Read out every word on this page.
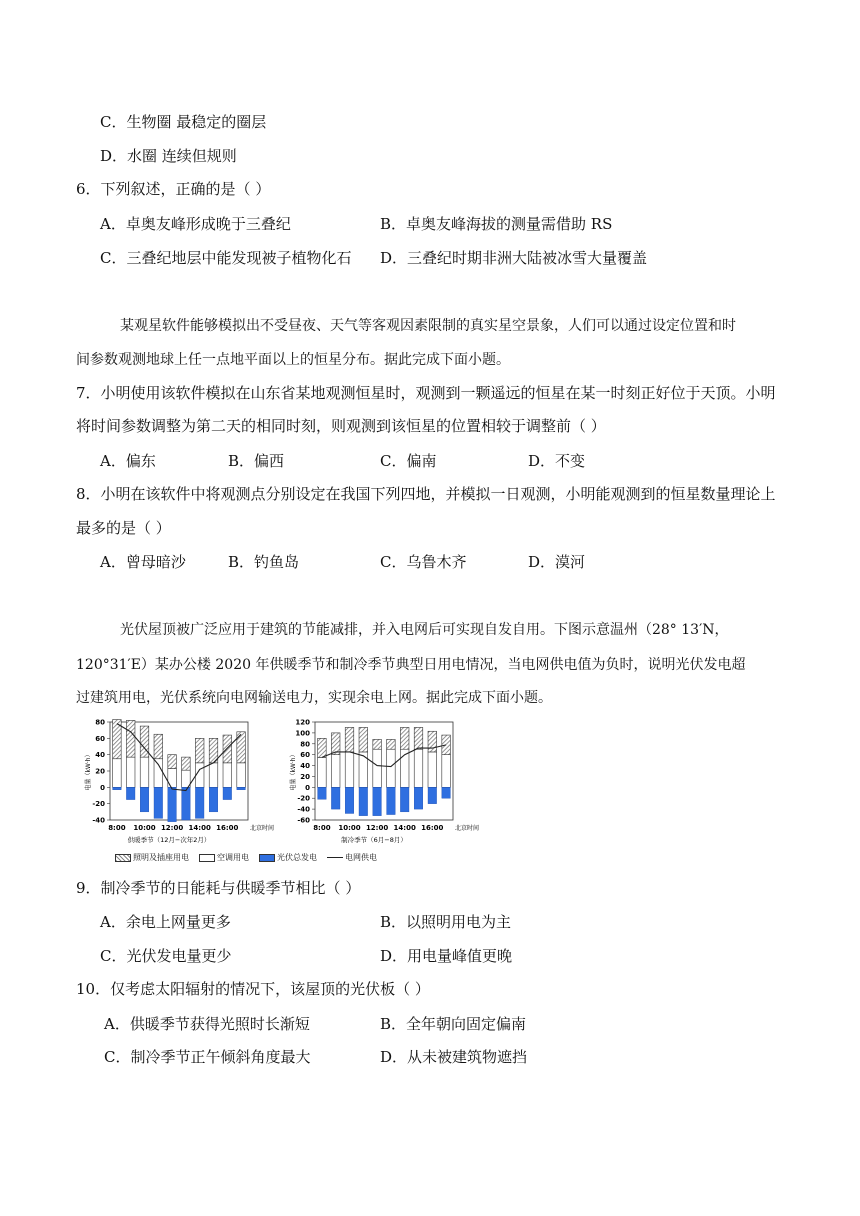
C．生物圈 最稳定的圈层
D．水圈 连续但规则
6．下列叙述，正确的是（ ）
A．卓奥友峰形成晚于三叠纪	B．卓奥友峰海拔的测量需借助 RS
C．三叠纪地层中能发现被子植物化石 D．三叠纪时期非洲大陆被冰雪大量覆盖
某观星软件能够模拟出不受昼夜、天气等客观因素限制的真实星空景象，人们可以通过设定位置和时
间参数观测地球上任一点地平面以上的恒星分布。据此完成下面小题。
7．小明使用该软件模拟在山东省某地观测恒星时，观测到一颗遥远的恒星在某一时刻正好位于天顶。小明
将时间参数调整为第二天的相同时刻，则观测到该恒星的位置相较于调整前（ ）
A．偏东	B．偏西	C．偏南	D．不变
8．小明在该软件中将观测点分别设定在我国下列四地，并模拟一日观测，小明能观测到的恒星数量理论上
最多的是（ ）
A．曾母暗沙	B．钓鱼岛	C．乌鲁木齐	D．漠河
光伏屋顶被广泛应用于建筑的节能减排，并入电网后可实现自发自用。下图示意温州（28° 13′N，
120°31′E）某办公楼 2020 年供暖季节和制冷季节典型日用电情况，当电网供电值为负时，说明光伏发电超
过建筑用电，光伏系统向电网输送电力，实现余电上网。据此完成下面小题。
-40
-20
0
20
40
60
80
电量（kW·h）
8:00 10:00 12:00 14:00 16:00 北京时间
供暖季节（12月−次年2月）
-60
-40
-20
0
20
40
60
80
100
120
电量（kW·h）
8:00 10:00 12:00 14:00 16:00 北京时间
制冷季节（6月−8月）
照明及插座用电	空调用电	光伏总发电	电网供电
9．制冷季节的日能耗与供暖季节相比（ ）
A．余电上网量更多	B．以照明用电为主
C．光伏发电量更少	D．用电量峰值更晚
10．仅考虑太阳辐射的情况下，该屋顶的光伏板（ ）
A．供暖季节获得光照时长渐短	B．全年朝向固定偏南
C．制冷季节正午倾斜角度最大	D．从未被建筑物遮挡
